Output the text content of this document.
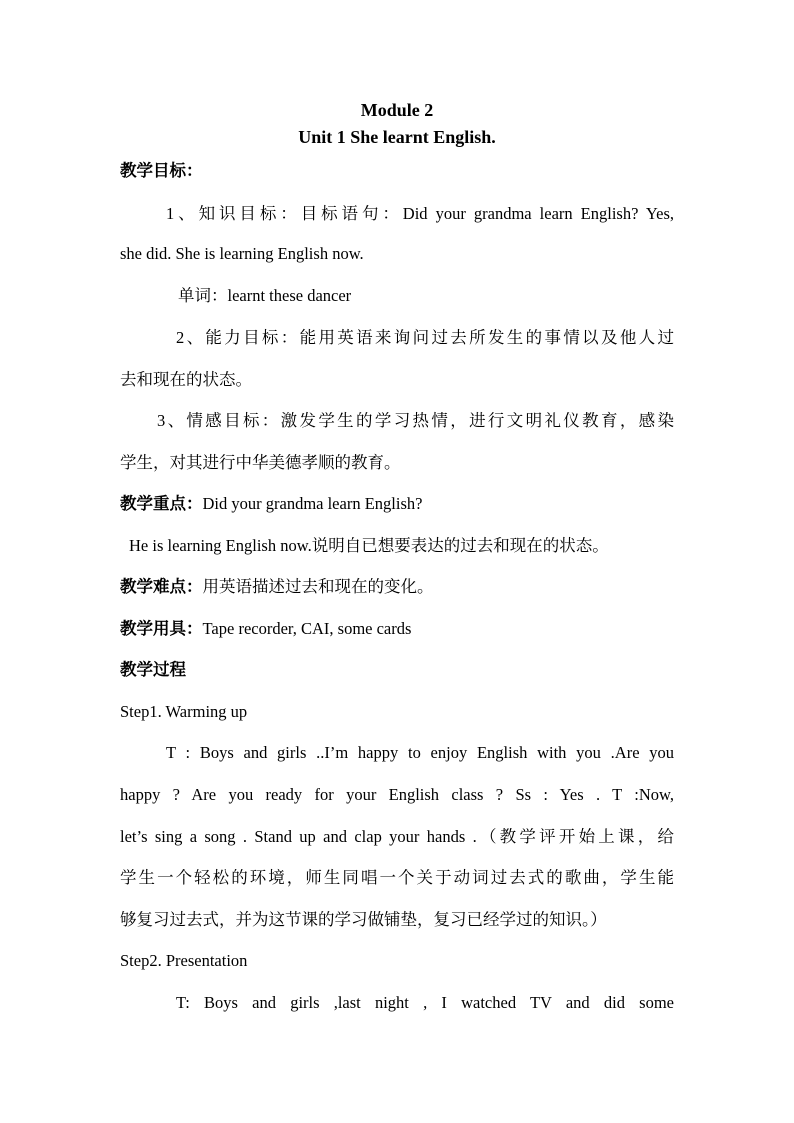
Module 2
Unit 1 She learnt English.
教学目标：
1、知识目标：目标语句：Did your grandma learn English? Yes,
she did. She is learning English now.
单词：learnt these dancer
2、能力目标：能用英语来询问过去所发生的事情以及他人过
去和现在的状态。
3、情感目标：激发学生的学习热情，进行文明礼仪教育，感染
学生，对其进行中华美德孝顺的教育。
教学重点：Did your grandma learn English?
He is learning English now.说明自已想要表达的过去和现在的状态。
教学难点：用英语描述过去和现在的变化。
教学用具：Tape recorder, CAI, some cards
教学过程
Step1. Warming up
T : Boys and girls ..I’m happy to enjoy English with you .Are you
happy ? Are you ready for your English class ? Ss : Yes . T :Now,
let’s sing a song . Stand up and clap your hands .（教学评开始上课，给
学生一个轻松的环境，师生同唱一个关于动词过去式的歌曲，学生能
够复习过去式，并为这节课的学习做铺垫，复习已经学过的知识。）
Step2. Presentation
T: Boys and girls ,last night , I watched TV and did some
